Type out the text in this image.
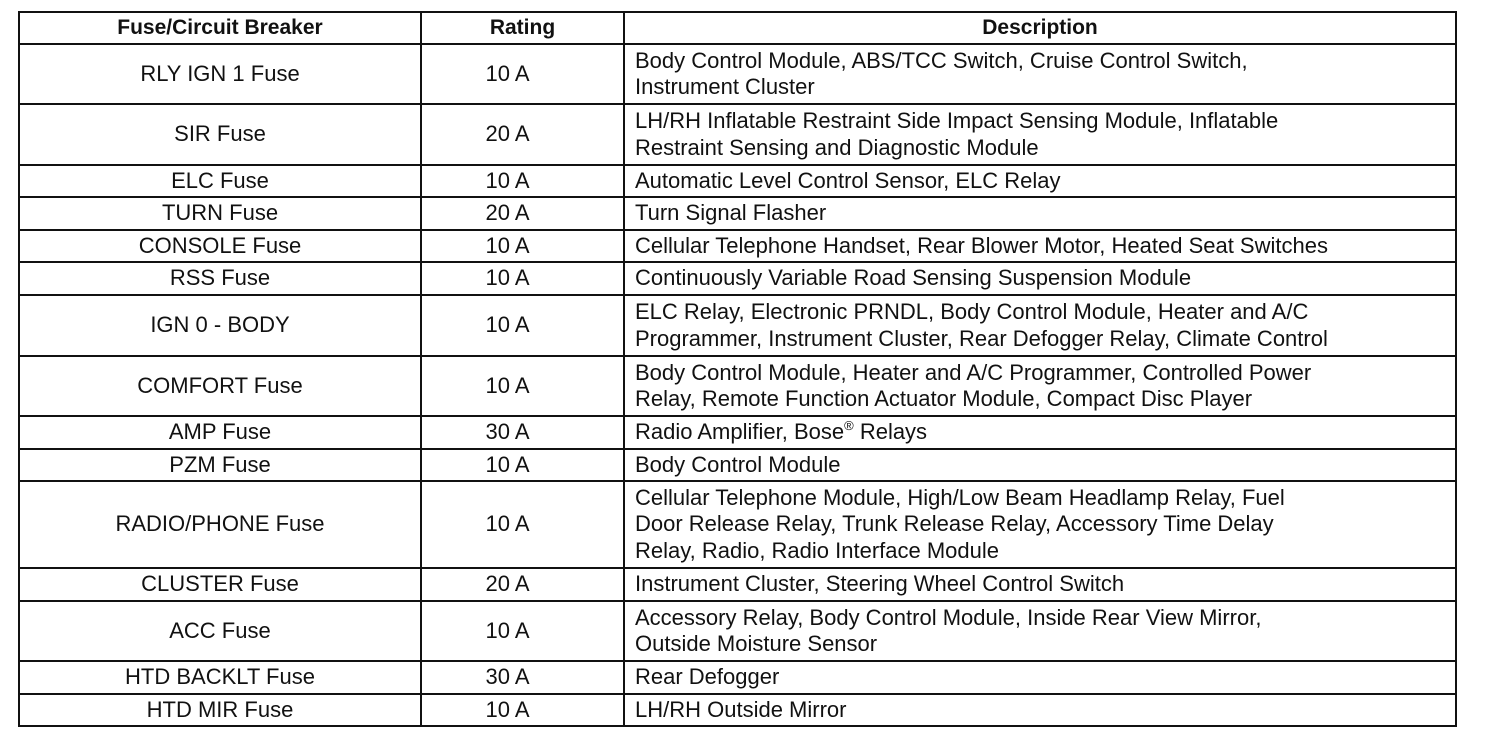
Fuse/Circuit Breaker	Rating	Description
RLY IGN 1 Fuse	10 A	Body Control Module, ABS/TCC Switch, Cruise Control Switch,
Instrument Cluster
SIR Fuse	20 A	LH/RH Inflatable Restraint Side Impact Sensing Module, Inflatable
Restraint Sensing and Diagnostic Module
ELC Fuse	10 A	Automatic Level Control Sensor, ELC Relay
TURN Fuse	20 A	Turn Signal Flasher
CONSOLE Fuse	10 A	Cellular Telephone Handset, Rear Blower Motor, Heated Seat Switches
RSS Fuse	10 A	Continuously Variable Road Sensing Suspension Module
IGN 0 - BODY	10 A	ELC Relay, Electronic PRNDL, Body Control Module, Heater and A/C
Programmer, Instrument Cluster, Rear Defogger Relay, Climate Control
COMFORT Fuse	10 A	Body Control Module, Heater and A/C Programmer, Controlled Power
Relay, Remote Function Actuator Module, Compact Disc Player
AMP Fuse	30 A	Radio Amplifier, Bose® Relays
PZM Fuse	10 A	Body Control Module
RADIO/PHONE Fuse	10 A	Cellular Telephone Module, High/Low Beam Headlamp Relay, Fuel
Door Release Relay, Trunk Release Relay, Accessory Time Delay
Relay, Radio, Radio Interface Module
CLUSTER Fuse	20 A	Instrument Cluster, Steering Wheel Control Switch
ACC Fuse	10 A	Accessory Relay, Body Control Module, Inside Rear View Mirror,
Outside Moisture Sensor
HTD BACKLT Fuse	30 A	Rear Defogger
HTD MIR Fuse	10 A	LH/RH Outside Mirror
